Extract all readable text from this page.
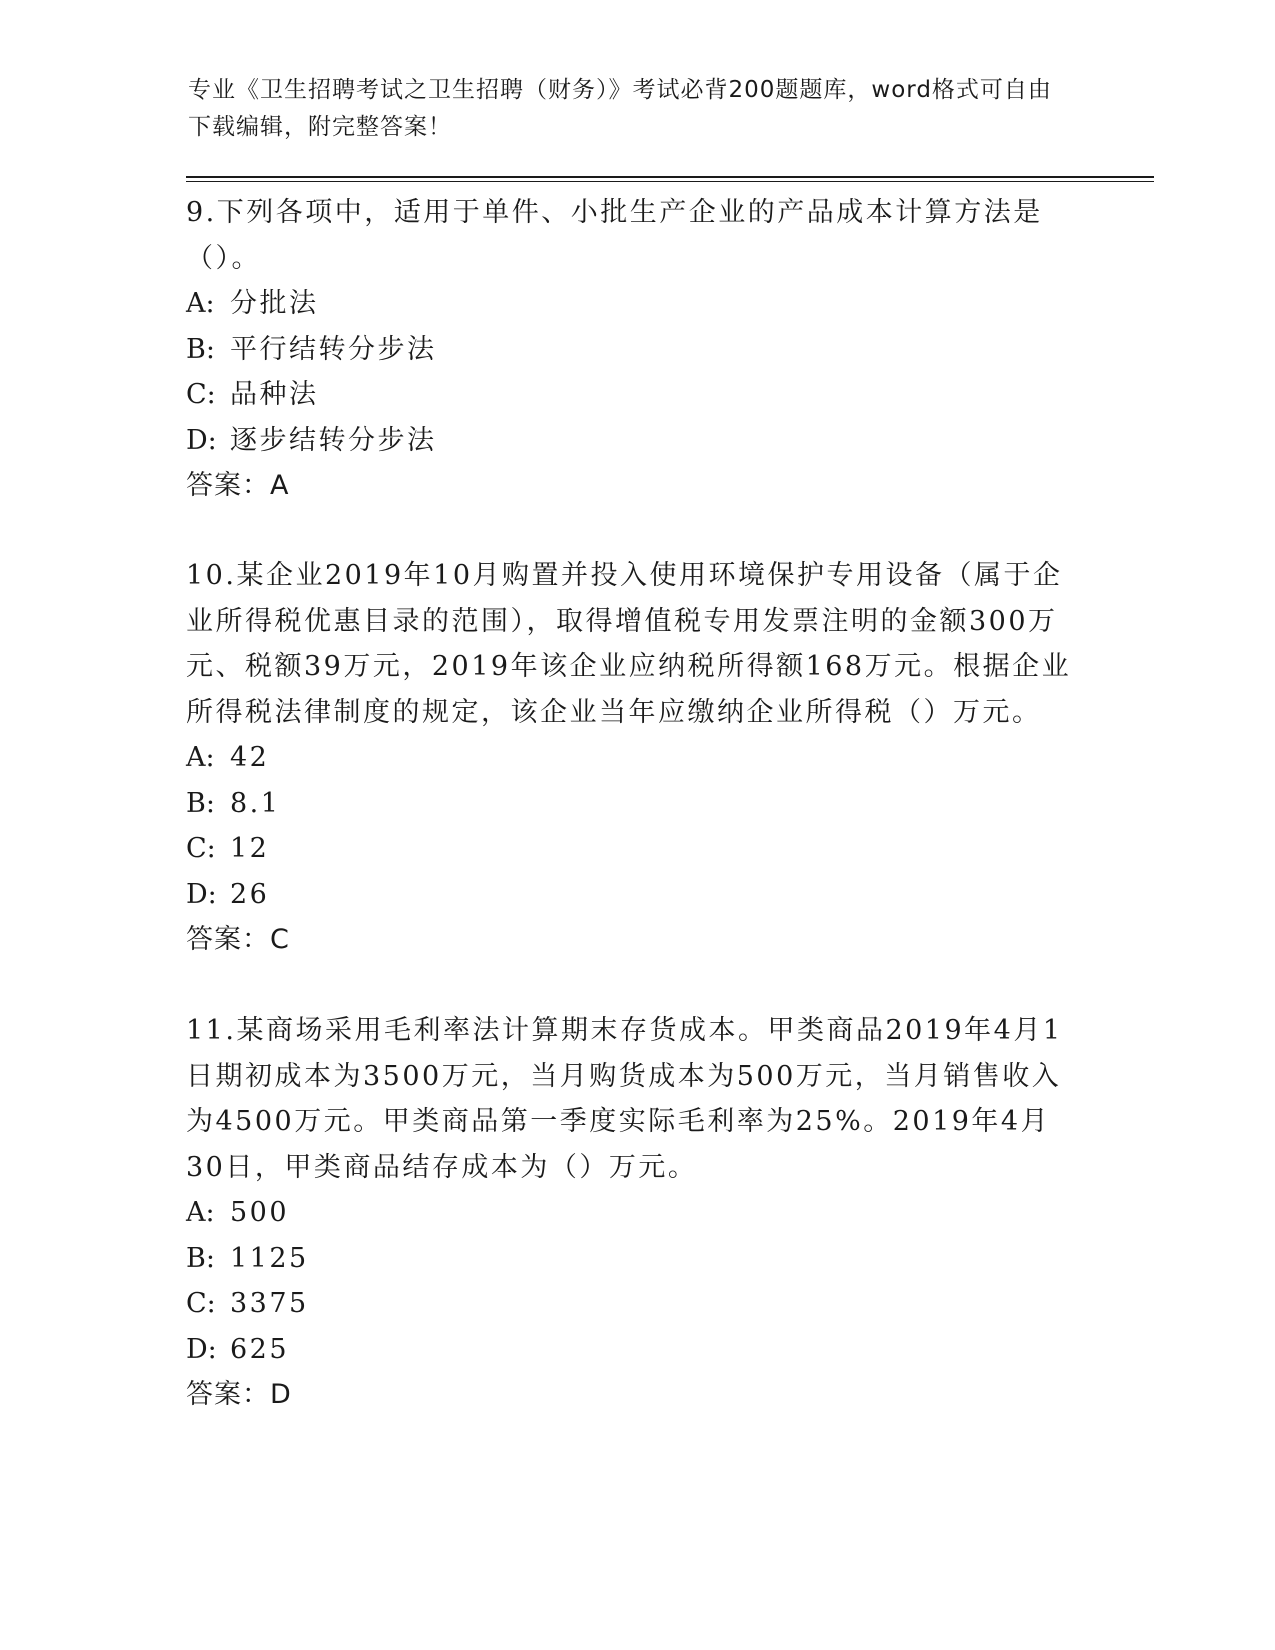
专业《卫生招聘考试之卫生招聘（财务）》考试必背200题题库，word格式可自由下载编辑，附完整答案！

9.下列各项中，适用于单件、小批生产企业的产品成本计算方法是（）。

A: 分批法

B: 平行结转分步法

C: 品种法

D: 逐步结转分步法

答案：A

10.某企业2019年10月购置并投入使用环境保护专用设备（属于企业所得税优惠目录的范围），取得增值税专用发票注明的金额300万元、税额39万元，2019年该企业应纳税所得额168万元。根据企业所得税法律制度的规定，该企业当年应缴纳企业所得税（）万元。

A: 42

B: 8.1

C: 12

D: 26

答案：C

11.某商场采用毛利率法计算期末存货成本。甲类商品2019年4月1日期初成本为3500万元，当月购货成本为500万元，当月销售收入为4500万元。甲类商品第一季度实际毛利率为25%。2019年4月30日，甲类商品结存成本为（）万元。

A: 500

B: 1125

C: 3375

D: 625

答案：D
